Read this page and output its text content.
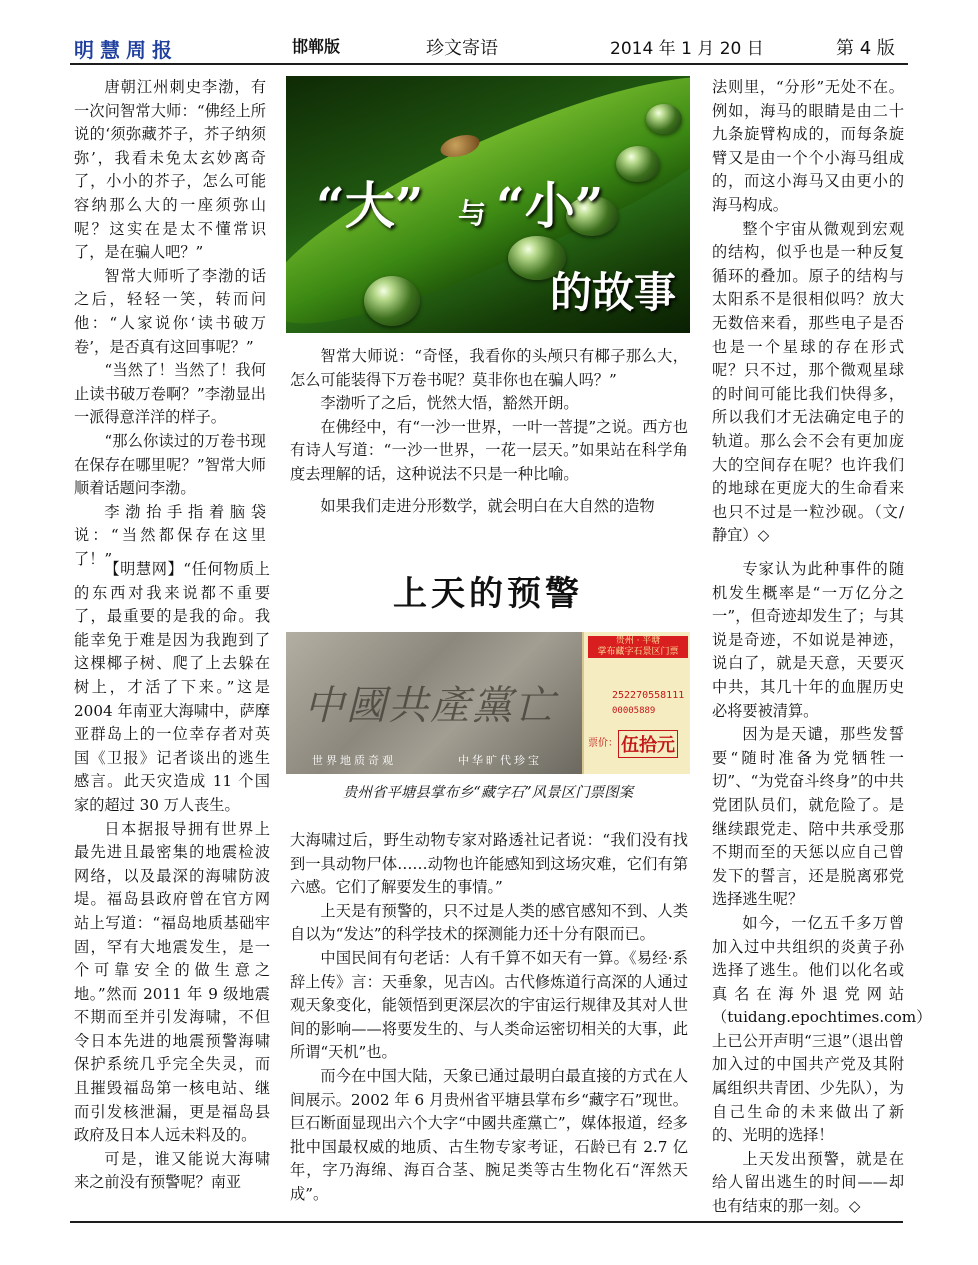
明慧周报	邯郸版	珍文寄语	2014 年 1 月 20 日	第 4 版

唐朝江州刺史李渤，有一次问智常大师：“佛经上所说的‘须弥藏芥子，芥子纳须弥’，我看未免太玄妙离奇了，小小的芥子，怎么可能容纳那么大的一座须弥山呢？这实在是太不懂常识了，是在骗人吧？”

智常大师听了李渤的话之后，轻轻一笑，转而问他：“人家说你‘读书破万卷’，是否真有这回事呢？”

“当然了！当然了！我何止读书破万卷啊？”李渤显出一派得意洋洋的样子。

“那么你读过的万卷书现在保存在哪里呢？”智常大师顺着话题问李渤。

李渤抬手指着脑袋说：“当然都保存在这里了！”

“大” 与 “小”
的故事

智常大师说：“奇怪，我看你的头颅只有椰子那么大，怎么可能装得下万卷书呢？莫非你也在骗人吗？”

李渤听了之后，恍然大悟，豁然开朗。

在佛经中，有“一沙一世界，一叶一菩提”之说。西方也有诗人写道：“一沙一世界，一花一层天。”如果站在科学角度去理解的话，这种说法不只是一种比喻。

如果我们走进分形数学，就会明白在大自然的造物

法则里，“分形”无处不在。例如，海马的眼睛是由二十九条旋臂构成的，而每条旋臂又是由一个个小海马组成的，而这小海马又由更小的海马构成。

整个宇宙从微观到宏观的结构，似乎也是一种反复循环的叠加。原子的结构与太阳系不是很相似吗？放大无数倍来看，那些电子是否也是一个星球的存在形式呢？只不过，那个微观星球的时间可能比我们快得多，所以我们才无法确定电子的轨道。那么会不会有更加庞大的空间存在呢？也许我们的地球在更庞大的生命看来也只不过是一粒沙砚。（文/静宜）◇

上天的预警

【明慧网】“任何物质上的东西对我来说都不重要了，最重要的是我的命。我能幸免于难是因为我跑到了这棵椰子树、爬了上去躲在树上，才活了下来。”这是 2004 年南亚大海啸中，萨摩亚群岛上的一位幸存者对英国《卫报》记者谈出的逃生感言。此天灾造成 11 个国家的超过 30 万人丧生。

日本据报导拥有世界上最先进且最密集的地震检波网络，以及最深的海啸防波堤。福岛县政府曾在官方网站上写道：“福岛地质基础牢固，罕有大地震发生，是一个可靠安全的做生意之地。”然而 2011 年 9 级地震不期而至并引发海啸，不但令日本先进的地震预警海啸保护系统几乎完全失灵，而且摧毁福岛第一核电站、继而引发核泄漏，更是福岛县政府及日本人远未料及的。

可是，谁又能说大海啸来之前没有预警呢？南亚

中國共產黨亡
世界地质奇观	中华旷代珍宝
贵州 · 平塘
掌布藏字石景区门票
252270558111
00005889
票价： 伍拾元
贵州省平塘县掌布乡“藏字石”风景区门票图案

大海啸过后，野生动物专家对路透社记者说：“我们没有找到一具动物尸体……动物也许能感知到这场灾难，它们有第六感。它们了解要发生的事情。”

上天是有预警的，只不过是人类的感官感知不到、人类自以为“发达”的科学技术的探测能力还十分有限而已。

中国民间有句老话：人有千算不如天有一算。《易经·系辞上传》言：天垂象，见吉凶。古代修炼道行高深的人通过观天象变化，能领悟到更深层次的宇宙运行规律及其对人世间的影响——将要发生的、与人类命运密切相关的大事，此所谓“天机”也。

而今在中国大陆，天象已通过最明白最直接的方式在人间展示。2002 年 6 月贵州省平塘县掌布乡“藏字石”现世。巨石断面显现出六个大字“中國共產黨亡”，媒体报道，经多批中国最权威的地质、古生物专家考证，石龄已有 2.7 亿年，字乃海绵、海百合茎、腕足类等古生物化石“浑然天成”。

专家认为此种事件的随机发生概率是“一万亿分之一”，但奇迹却发生了；与其说是奇迹，不如说是神迹，说白了，就是天意，天要灭中共，其几十年的血腥历史必将要被清算。

因为是天谴，那些发誓要“随时准备为党牺牲一切”、“为党奋斗终身”的中共党团队员们，就危险了。是继续跟党走、陪中共承受那不期而至的天惩以应自己曾发下的誓言，还是脱离邪党选择逃生呢？

如今，一亿五千多万曾加入过中共组织的炎黄子孙选择了逃生。他们以化名或真名在海外退党网站（tuidang.epochtimes.com）上已公开声明“三退”（退出曾加入过的中国共产党及其附属组织共青团、少先队），为自己生命的未来做出了新的、光明的选择！

上天发出预警，就是在给人留出逃生的时间——却也有结束的那一刻。◇
